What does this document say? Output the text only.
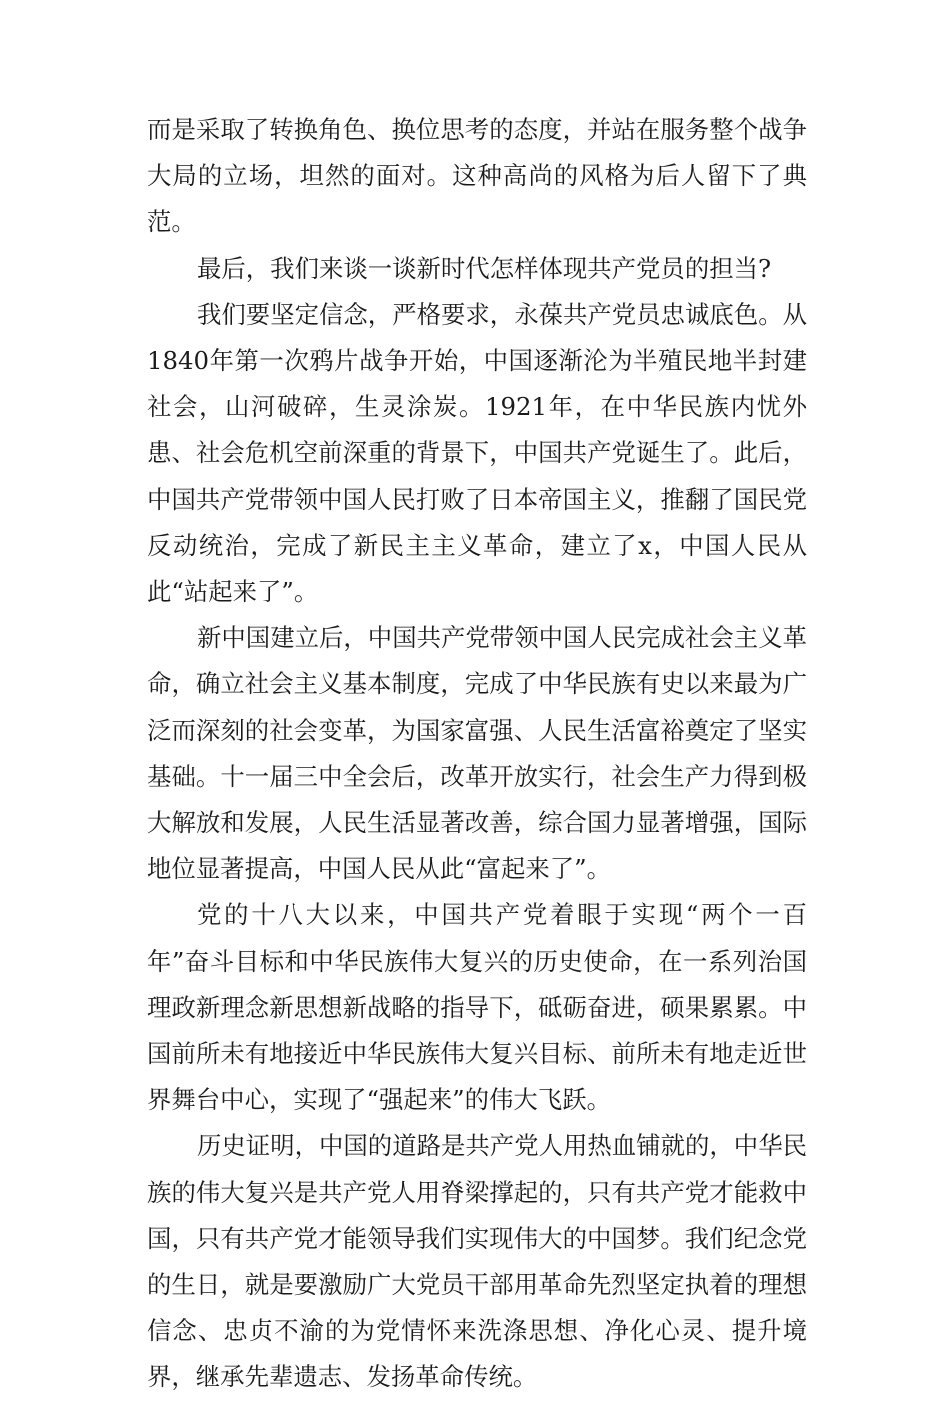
而是采取了转换角色、换位思考的态度，并站在服务整个战争大局的立场，坦然的面对。这种高尚的风格为后人留下了典范。

最后，我们来谈一谈新时代怎样体现共产党员的担当?

我们要坚定信念，严格要求，永葆共产党员忠诚底色。从1840年第一次鸦片战争开始，中国逐渐沦为半殖民地半封建社会，山河破碎，生灵涂炭。1921年，在中华民族内忧外患、社会危机空前深重的背景下，中国共产党诞生了。此后，中国共产党带领中国人民打败了日本帝国主义，推翻了国民党反动统治，完成了新民主主义革命，建立了x，中国人民从此“站起来了”。

新中国建立后，中国共产党带领中国人民完成社会主义革命，确立社会主义基本制度，完成了中华民族有史以来最为广泛而深刻的社会变革，为国家富强、人民生活富裕奠定了坚实基础。十一届三中全会后，改革开放实行，社会生产力得到极大解放和发展，人民生活显著改善，综合国力显著增强，国际地位显著提高，中国人民从此“富起来了”。

党的十八大以来，中国共产党着眼于实现“两个一百年”奋斗目标和中华民族伟大复兴的历史使命，在一系列治国理政新理念新思想新战略的指导下，砥砺奋进，硕果累累。中国前所未有地接近中华民族伟大复兴目标、前所未有地走近世界舞台中心，实现了“强起来”的伟大飞跃。

历史证明，中国的道路是共产党人用热血铺就的，中华民族的伟大复兴是共产党人用脊梁撑起的，只有共产党才能救中国，只有共产党才能领导我们实现伟大的中国梦。我们纪念党的生日，就是要激励广大党员干部用革命先烈坚定执着的理想信念、忠贞不渝的为党情怀来洗涤思想、净化心灵、提升境界，继承先辈遗志、发扬革命传统。
